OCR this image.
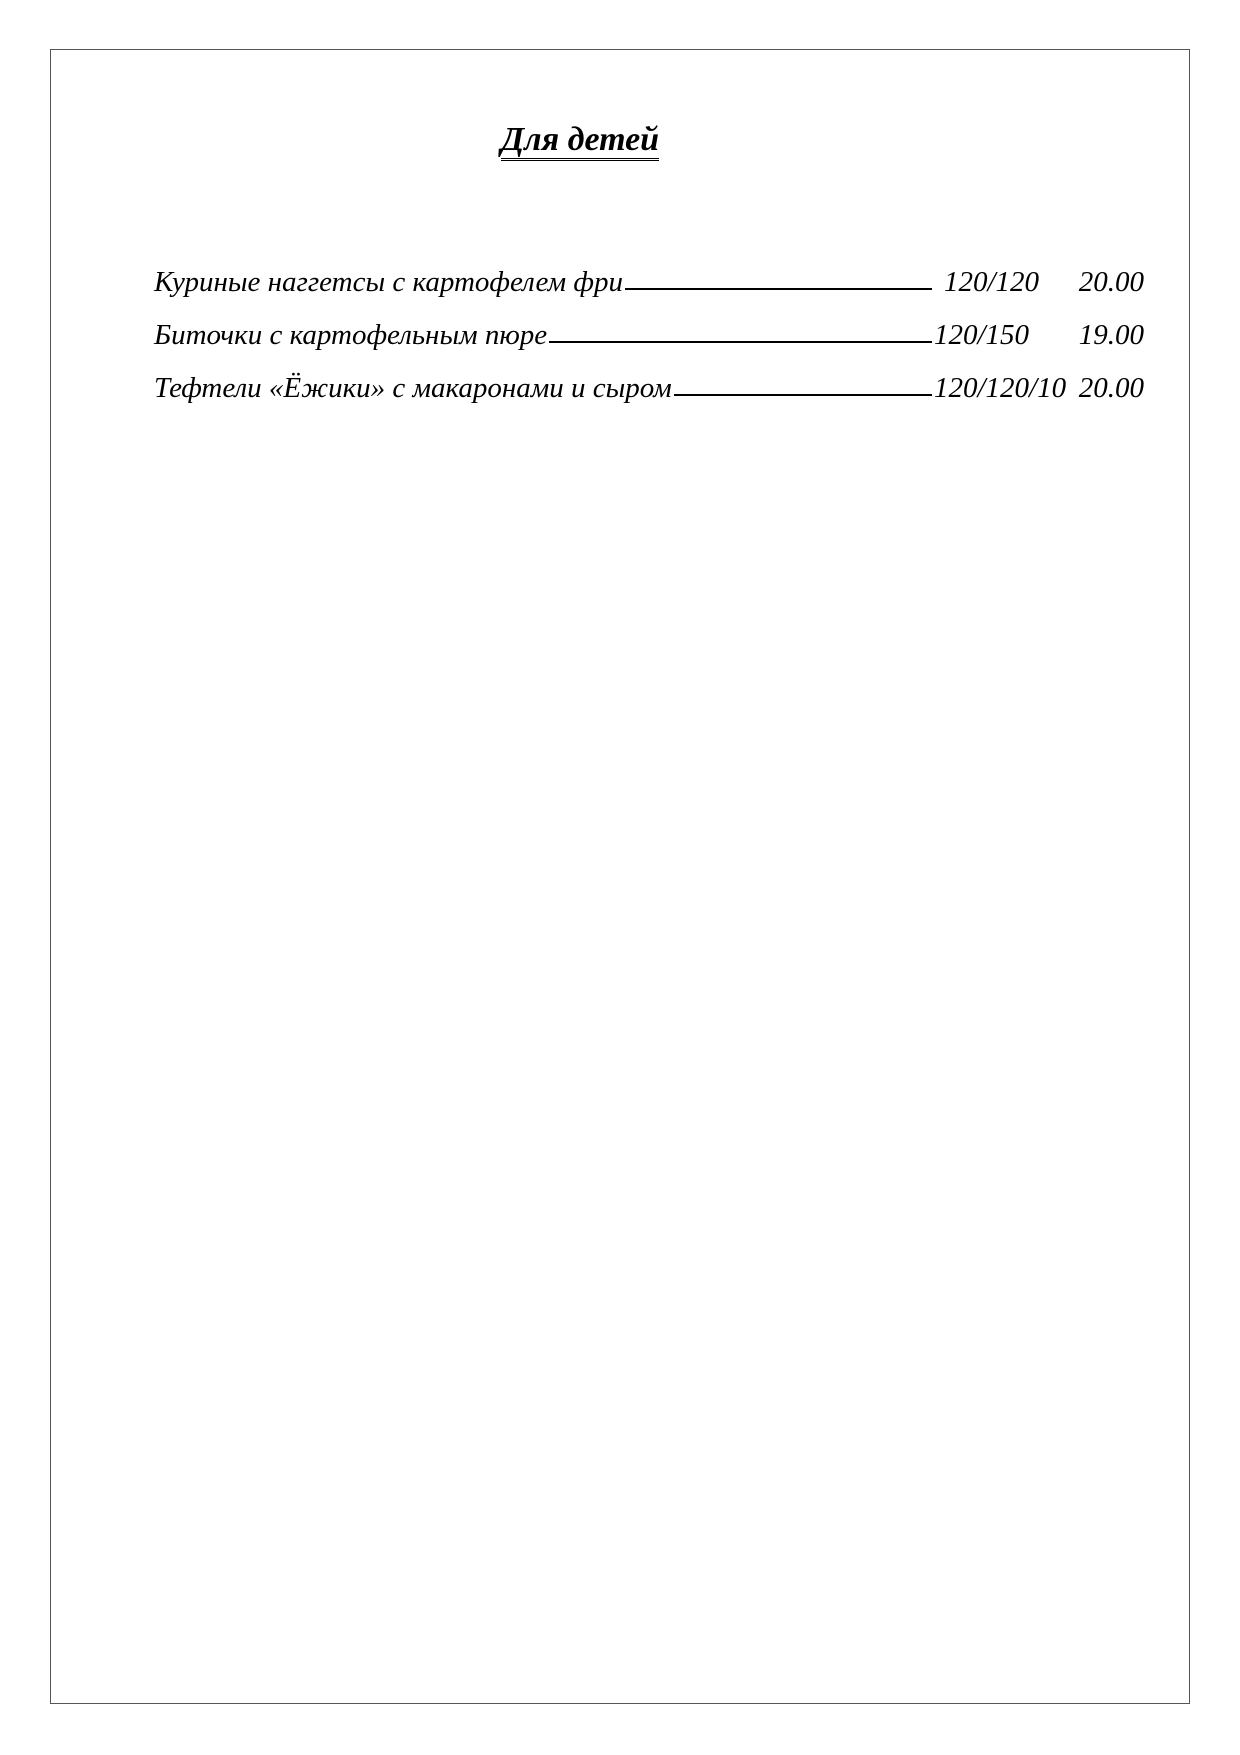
Для детей
Куриные наггетсы с картофелем фри	120/120	20.00
Биточки с картофельным пюре	120/150	19.00
Тефтели «Ёжики» с макаронами и сыром	120/120/10 20.00
